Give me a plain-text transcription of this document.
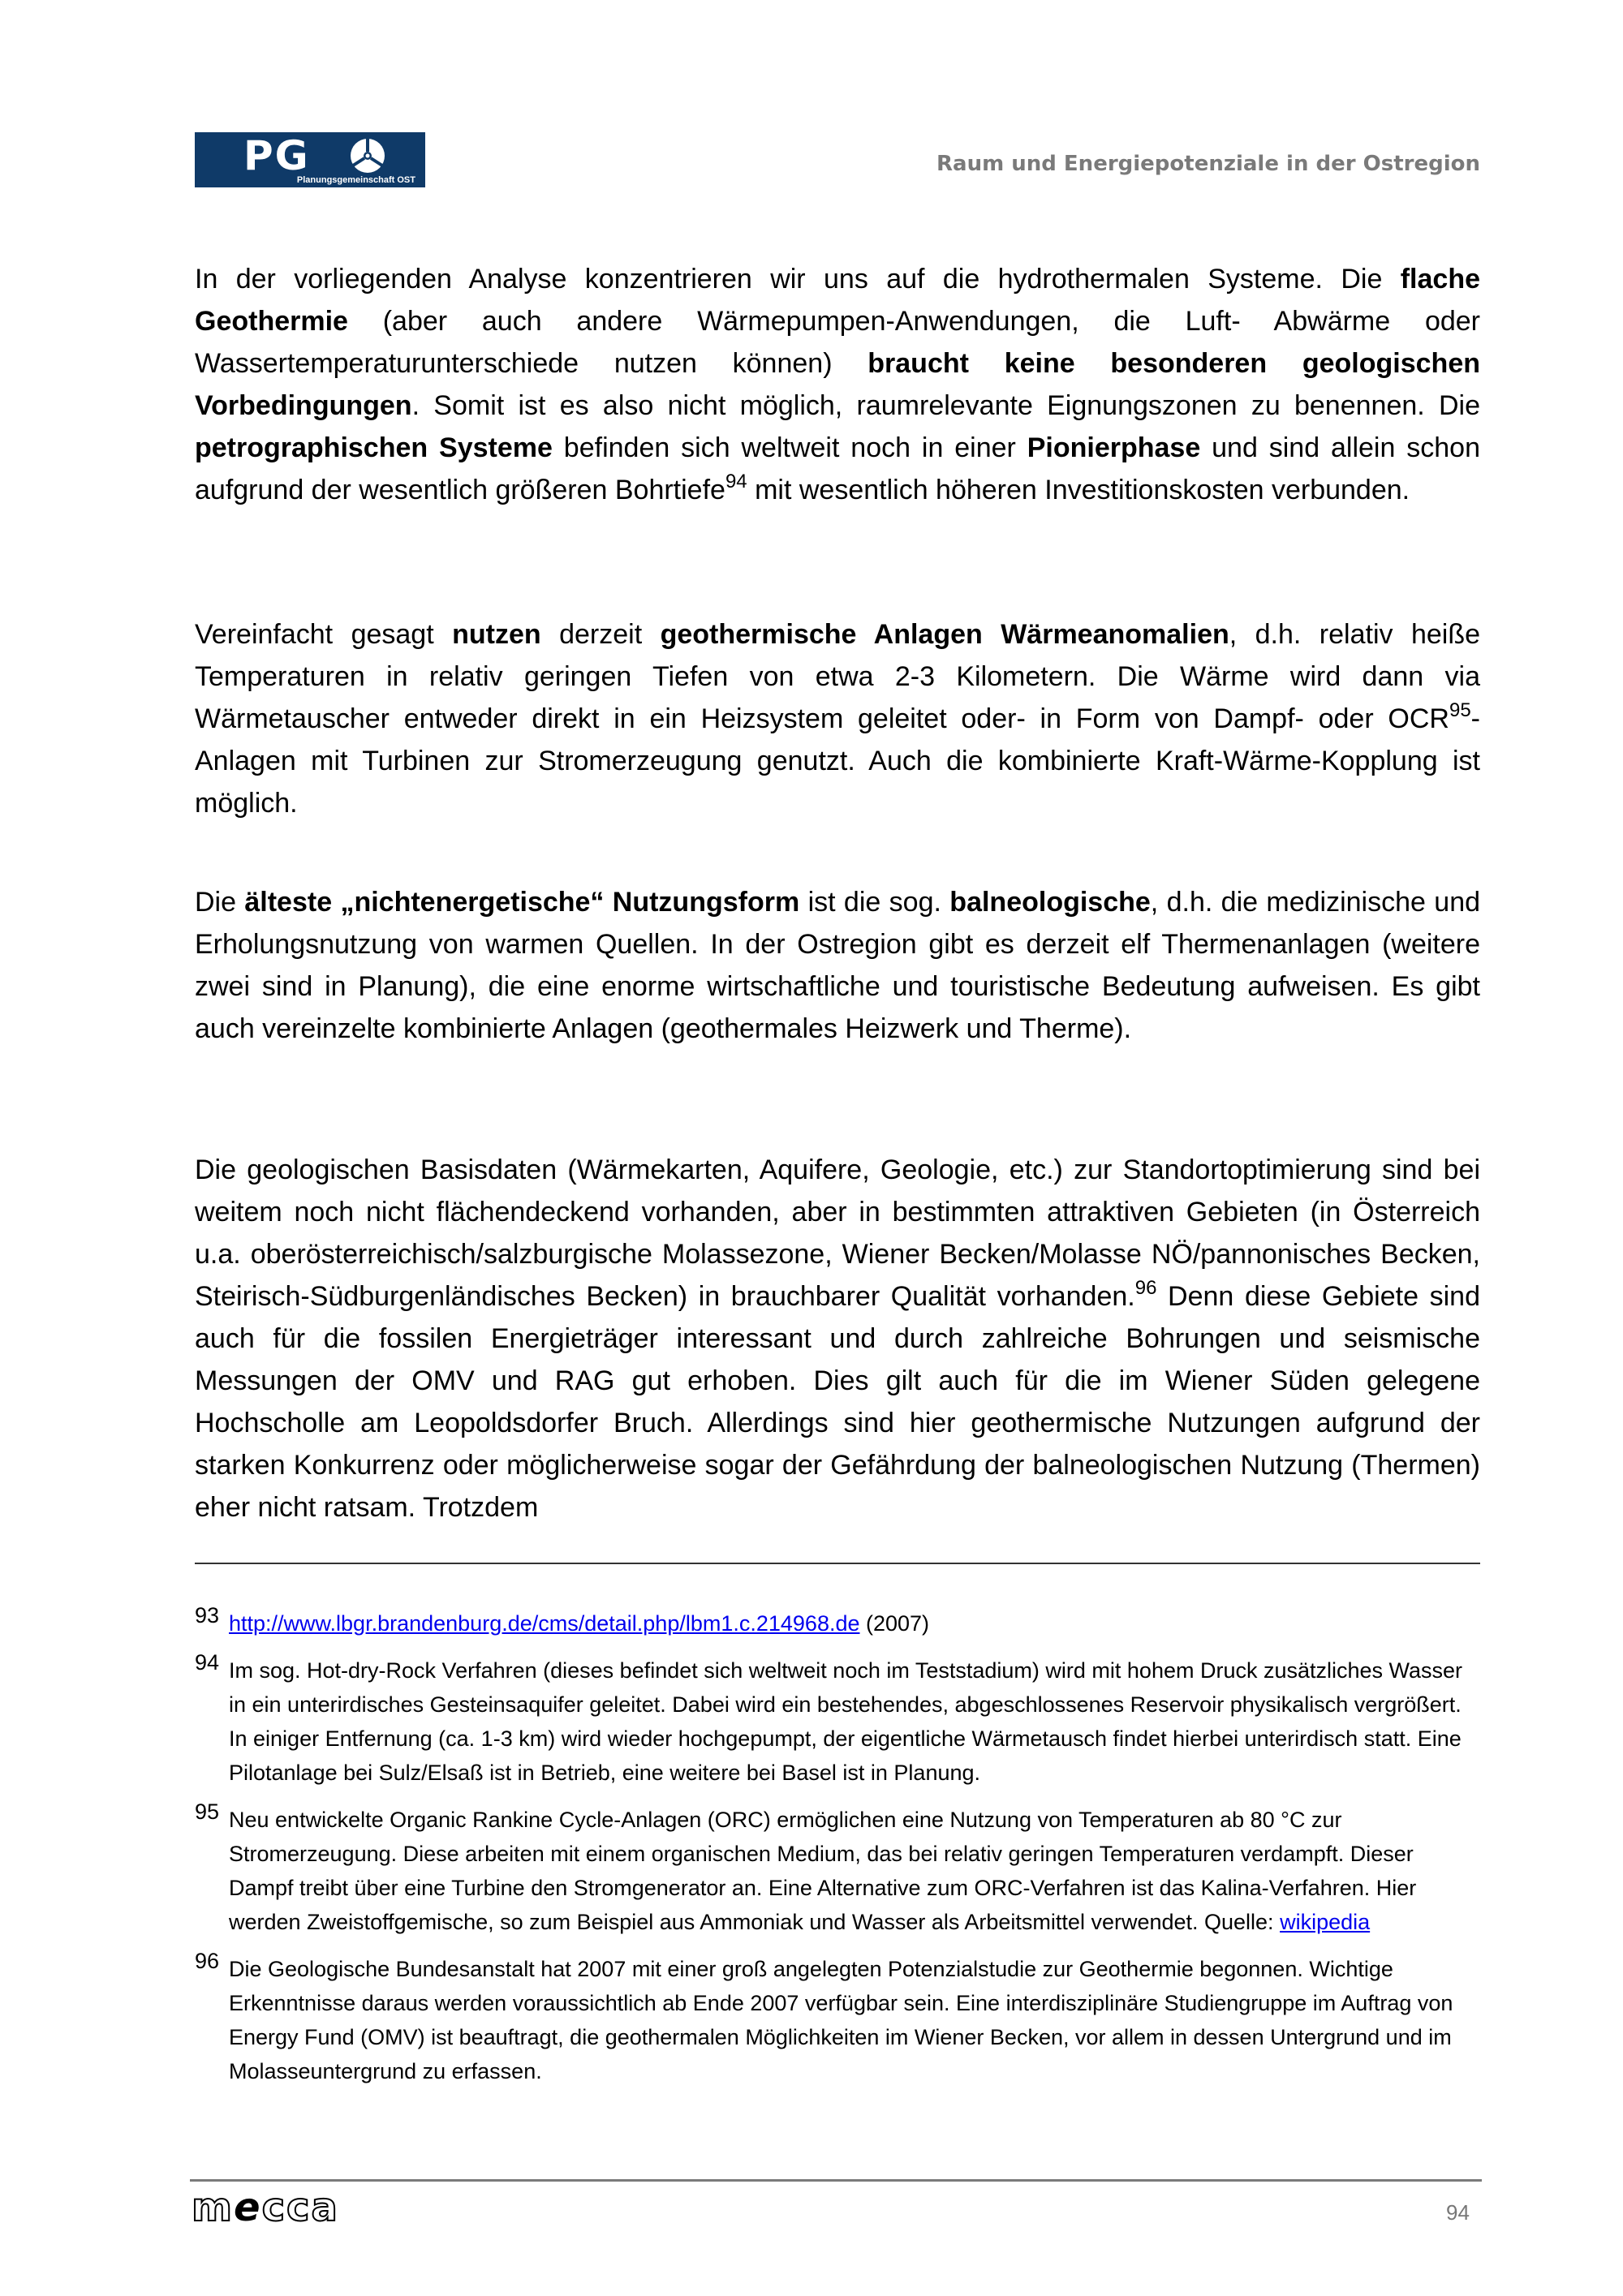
PG
Planungsgemeinschaft OST
Raum und Energiepotenziale in der Ostregion
In der vorliegenden Analyse konzentrieren wir uns auf die hydrothermalen Systeme. Die flache Geothermie (aber auch andere Wärmepumpen-Anwendungen, die Luft- Abwärme oder Wassertemperaturunterschiede nutzen können) braucht keine besonderen geologischen Vorbedingungen. Somit ist es also nicht möglich, raumrelevante Eignungszonen zu benennen. Die petrographischen Systeme befinden sich weltweit noch in einer Pionierphase und sind allein schon aufgrund der wesentlich größeren Bohrtiefe$^{94}$ mit wesentlich höheren Investitionskosten verbunden.
Vereinfacht gesagt nutzen derzeit geothermische Anlagen Wärmeanomalien, d.h. relativ heiße Temperaturen in relativ geringen Tiefen von etwa 2-3 Kilometern. Die Wärme wird dann via Wärmetauscher entweder direkt in ein Heizsystem geleitet oder- in Form von Dampf- oder OCR$^{95}$- Anlagen mit Turbinen zur Stromerzeugung genutzt. Auch die kombinierte Kraft-Wärme-Kopplung ist möglich.
Die älteste „nichtenergetische“ Nutzungsform ist die sog. balneologische, d.h. die medizinische und Erholungsnutzung von warmen Quellen. In der Ostregion gibt es derzeit elf Thermenanlagen (weitere zwei sind in Planung), die eine enorme wirtschaftliche und touristische Bedeutung aufweisen. Es gibt auch vereinzelte kombinierte Anlagen (geothermales Heizwerk und Therme).
Die geologischen Basisdaten (Wärmekarten, Aquifere, Geologie, etc.) zur Standortoptimierung sind bei weitem noch nicht flächendeckend vorhanden, aber in bestimmten attraktiven Gebieten (in Österreich u.a. oberösterreichisch/salzburgische Molassezone, Wiener Becken/Molasse NÖ/pannonisches Becken, Steirisch-Südburgenländisches Becken) in brauchbarer Qualität vorhanden.$^{96}$ Denn diese Gebiete sind auch für die fossilen Energieträger interessant und durch zahlreiche Bohrungen und seismische Messungen der OMV und RAG gut erhoben. Dies gilt auch für die im Wiener Süden gelegene Hochscholle am Leopoldsdorfer Bruch. Allerdings sind hier geothermische Nutzungen aufgrund der starken Konkurrenz oder möglicherweise sogar der Gefährdung der balneologischen Nutzung (Thermen) eher nicht ratsam. Trotzdem
93 http://www.lbgr.brandenburg.de/cms/detail.php/lbm1.c.214968.de (2007)
94 Im sog. Hot-dry-Rock Verfahren (dieses befindet sich weltweit noch im Teststadium) wird mit hohem Druck zusätzliches Wasser in ein unterirdisches Gesteinsaquifer geleitet. Dabei wird ein bestehendes, abgeschlossenes Reservoir physikalisch vergrößert. In einiger Entfernung (ca. 1-3 km) wird wieder hochgepumpt, der eigentliche Wärmetausch findet hierbei unterirdisch statt. Eine Pilotanlage bei Sulz/Elsaß ist in Betrieb, eine weitere bei Basel ist in Planung.
95 Neu entwickelte Organic Rankine Cycle-Anlagen (ORC) ermöglichen eine Nutzung von Temperaturen ab 80 °C zur Stromerzeugung. Diese arbeiten mit einem organischen Medium, das bei relativ geringen Temperaturen verdampft. Dieser Dampf treibt über eine Turbine den Stromgenerator an. Eine Alternative zum ORC-Verfahren ist das Kalina-Verfahren. Hier werden Zweistoffgemische, so zum Beispiel aus Ammoniak und Wasser als Arbeitsmittel verwendet. Quelle: wikipedia
96 Die Geologische Bundesanstalt hat 2007 mit einer groß angelegten Potenzialstudie zur Geothermie begonnen. Wichtige Erkenntnisse daraus werden voraussichtlich ab Ende 2007 verfügbar sein. Eine interdisziplinäre Studiengruppe im Auftrag von Energy Fund (OMV) ist beauftragt, die geothermalen Möglichkeiten im Wiener Becken, vor allem in dessen Untergrund und im Molasseuntergrund zu erfassen.
mecca	94
